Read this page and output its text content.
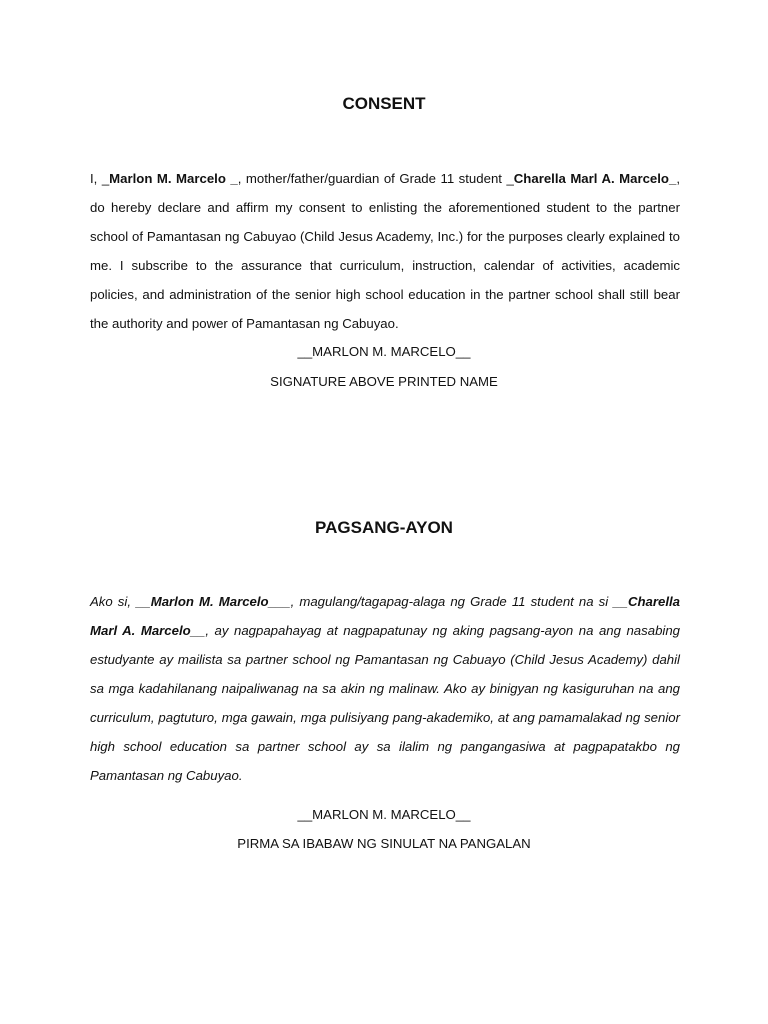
CONSENT

I, _Marlon M. Marcelo _, mother/father/guardian of Grade 11 student _Charella Marl A. Marcelo_, do hereby declare and affirm my consent to enlisting the aforementioned student to the partner school of Pamantasan ng Cabuyao (Child Jesus Academy, Inc.) for the purposes clearly explained to me. I subscribe to the assurance that curriculum, instruction, calendar of activities, academic policies, and administration of the senior high school education in the partner school shall still bear the authority and power of Pamantasan ng Cabuyao.

__MARLON M. MARCELO__
SIGNATURE ABOVE PRINTED NAME
PAGSANG-AYON

Ako si, __Marlon M. Marcelo___, magulang/tagapag-alaga ng Grade 11 student na si __Charella Marl A. Marcelo__, ay nagpapahayag at nagpapatunay ng aking pagsang-ayon na ang nasabing estudyante ay mailista sa partner school ng Pamantasan ng Cabuayo (Child Jesus Academy) dahil sa mga kadahilanang naipaliwanag na sa akin ng malinaw. Ako ay binigyan ng kasiguruhan na ang curriculum, pagtuturo, mga gawain, mga pulisiyang pang-akademiko, at ang pamamalakad ng senior high school education sa partner school ay sa ilalim ng pangangasiwa at pagpapatakbo ng Pamantasan ng Cabuyao.

__MARLON M. MARCELO__
PIRMA SA IBABAW NG SINULAT NA PANGALAN
